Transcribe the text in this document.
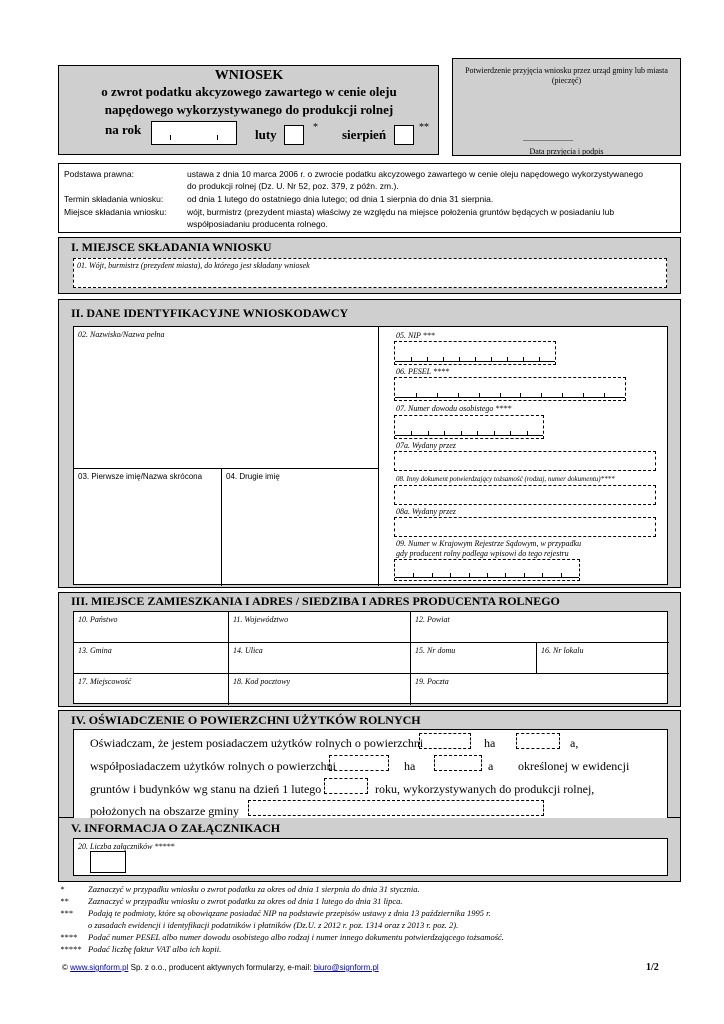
WNIOSEK
o zwrot podatku akcyzowego zawartego w cenie oleju
napędowego wykorzystywanego do produkcji rolnej
na rok	luty	* sierpień	**
Potwierdzenie przyjęcia wniosku przez urząd gminy lub miasta
(pieczęć)
..................................................
Data przyjęcia i podpis
Podstawa prawna:	ustawa z dnia 10 marca 2006 r. o zwrocie podatku akcyzowego zawartego w cenie oleju napędowego wykorzystywanego
do produkcji rolnej (Dz. U. Nr 52, poz. 379, z późn. zm.).
Termin składania wniosku:	od dnia 1 lutego do ostatniego dnia lutego; od dnia 1 sierpnia do dnia 31 sierpnia.
Miejsce składania wniosku: wójt, burmistrz (prezydent miasta) właściwy ze względu na miejsce położenia gruntów będących w posiadaniu lub
współposiadaniu producenta rolnego.
I. MIEJSCE SKŁADANIA WNIOSKU
01. Wójt, burmistrz (prezydent miasta), do którego jest składany wniosek
II. DANE IDENTYFIKACYJNE WNIOSKODAWCY
02. Nazwisko/Nazwa pełna
03. Pierwsze imię/Nazwa skrócona	04. Drugie imię
05. NIP ***
06. PESEL ****
07. Numer dowodu osobistego ****
07a. Wydany przez
08. Inny dokument potwierdzający tożsamość (rodzaj, numer dokumentu)****
08a. Wydany przez
09. Numer w Krajowym Rejestrze Sądowym, w przypadku
gdy producent rolny podlega wpisowi do tego rejestru
III. MIEJSCE ZAMIESZKANIA I ADRES / SIEDZIBA I ADRES PRODUCENTA ROLNEGO
10. Państwo	11. Województwo	12. Powiat
13. Gmina	14. Ulica	15. Nr domu	16. Nr lokalu
17. Miejscowość	18. Kod pocztowy	19. Poczta
IV. OŚWIADCZENIE O POWIERZCHNI UŻYTKÓW ROLNYCH
Oświadczam, że jestem posiadaczem użytków rolnych o powierzchni	ha	a,
współposiadaczem użytków rolnych o powierzchni	ha	a określonej w ewidencji
gruntów i budynków wg stanu na dzień 1 lutego	roku, wykorzystywanych do produkcji rolnej,
położonych na obszarze gminy
V. INFORMACJA O ZAŁĄCZNIKACH
20. Liczba załączników *****
*	Zaznaczyć w przypadku wniosku o zwrot podatku za okres od dnia 1 sierpnia do dnia 31 stycznia.
** Zaznaczyć w przypadku wniosku o zwrot podatku za okres od dnia 1 lutego do dnia 31 lipca.
*** Podają te podmioty, które są obowiązane posiadać NIP na podstawie przepisów ustawy z dnia 13 października 1995 r.
o zasadach ewidencji i identyfikacji podatników i płatników (Dz.U. z 2012 r. poz. 1314 oraz z 2013 r. poz. 2).
**** Podać numer PESEL albo numer dowodu osobistego albo rodzaj i numer innego dokumentu potwierdzającego tożsamość.
***** Podać liczbę faktur VAT albo ich kopii.
© www.signform.pl Sp. z o.o., producent aktywnych formularzy, e-mail: biuro@signform.pl	1/2
